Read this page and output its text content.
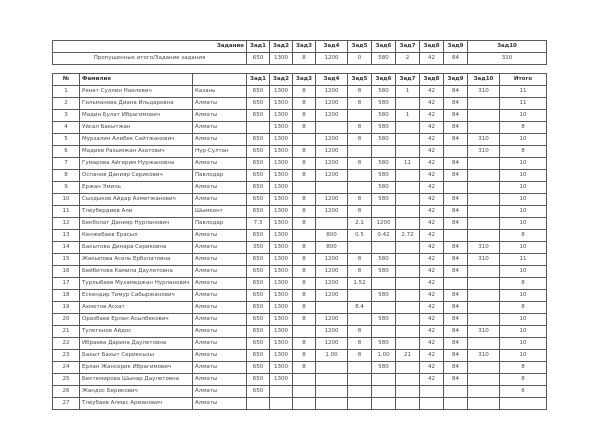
Задание			Зад1	Зад2	Зад3	Зад4	Зад5	Зад6	Зад7	Зад8	Зад9	Зад10	
Пропущенных итого/Задание задания			650	1300	8	1200	0	580	2	42	84	310	

№	Фамилия		Зад1	Зад2	Зад3	Зад4	Зад5	Зад6	Зад7	Зад8	Зад9	Зад10	Итого
1	Ренат Суллин Наилевич	Казань	650	1300	8	1200	8	580	1	42	84	310	11
2	Гильманова Диана Ильдаровна	Алматы	650	1300	8	1200	8	580		42	84		11
3	Мадин Булат Ибрагимович	Алматы	650	1300	8	1200		580	1	42	84		10
4	Уйсал Бакытжан	Алматы		1300	8		8	580		42	84		8
5	Мурзалин Алибек Сейтжанович	Алматы	650	1300		1200	8	580		42	84	310	10
6	Мадиев Рахымжан Азатович	Нур-Султан	650	1300	8	1200				42		310	8
7	Гумарова Айгерим Нуржановна	Алматы	650	1300	8	1200	8	580	11	42	84		10
8	Оспанов Данияр Серикович	Павлодар	650	1300	8	1200		580		42	84		10
9	Ержан Эмиль	Алматы	650	1300				580		42			10
10	Сыздыков Айдар Ахметжанович	Алматы	650	1300	8	1200	8	580		42	84		10
11	Тлеубердиев Али	Шымкент	650	1300	8	1200	8			42	84		10
12	Бекболат Данияр Нурланович	Павлодар	7.3	1300	8		2.1	1200		42	84		10
13	Кенжебаев Ерасыл	Алматы	650	1300		800	0.5	0.42	2.72	42			8
14	Бакытова Динара Сериковна	Алматы	350	1300	8	800				42	84	310	10
15	Жакыпова Асель Ерболатовна	Алматы	650	1300	8	1200	8	580		42	84	310	11
16	Бейбитова Камила Даулетовна	Алматы	650	1300	8	1200	8	580		42	84		10
17	Турлыбаев Мухамеджан Нурланович	Алматы	650	1300	8	1200	1.52			42			8
18	Ескендир Тимур Сабыржанович	Алматы	650	1300	8	1200		580		42	84		10
19	Ахметов Асхат	Алматы	650	1300	8		8.4			42	84		8
20	Оразбаев Ерлан Асылбекович	Алматы	650	1300	8	1200		580		42	84		10
21	Тулегенов Айдос	Алматы	650	1300		1200	8			42	84	310	10
22	Ибраева Дарина Даулетовна	Алматы	650	1300	8	1200	8	580		42	84		10
23	Бахыт Бахыт Сериккызы	Алматы	650	1300	8	1.00	8	1.00	21	42	84	310	10
24	Ерлан Жансерик Ибрагимович	Алматы	650	1300	8			580		42	84		8
25	Бектемирова Шынар Даулетовна	Алматы	650	1300						42	84		8
26	Жандос Берикович	Алматы	650										6
27	Тлеубаев Алмас Арманович	Алматы											
